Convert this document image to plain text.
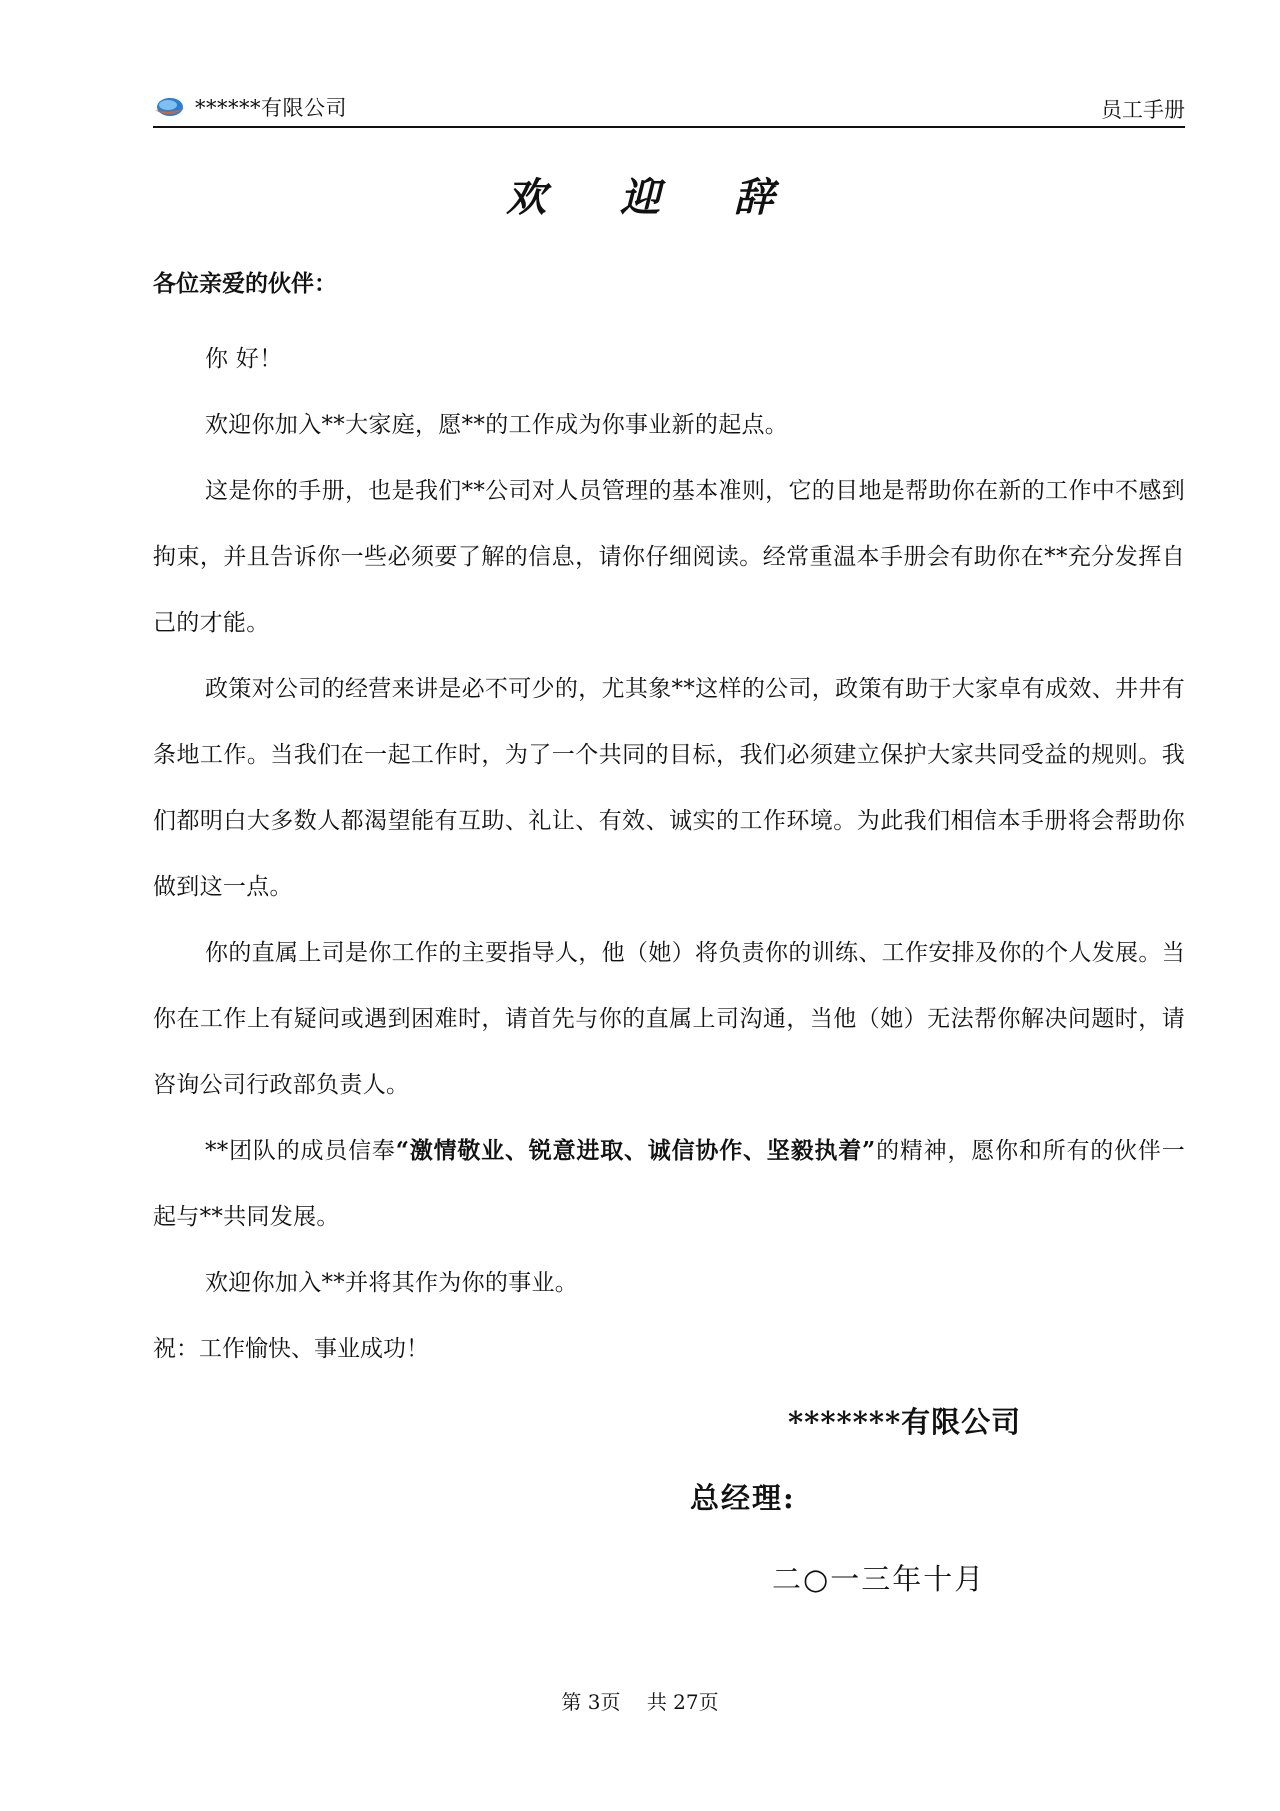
******有限公司	员工手册
欢 迎 辞

各位亲爱的伙伴：

你 好！

欢迎你加入**大家庭，愿**的工作成为你事业新的起点。

这是你的手册，也是我们**公司对人员管理的基本准则，它的目地是帮助你在新的工作中不感到拘束，并且告诉你一些必须要了解的信息，请你仔细阅读。经常重温本手册会有助你在**充分发挥自己的才能。

政策对公司的经营来讲是必不可少的，尤其象**这样的公司，政策有助于大家卓有成效、井井有条地工作。当我们在一起工作时，为了一个共同的目标，我们必须建立保护大家共同受益的规则。我们都明白大多数人都渴望能有互助、礼让、有效、诚实的工作环境。为此我们相信本手册将会帮助你做到这一点。

你的直属上司是你工作的主要指导人，他（她）将负责你的训练、工作安排及你的个人发展。当你在工作上有疑问或遇到困难时，请首先与你的直属上司沟通，当他（她）无法帮你解决问题时，请咨询公司行政部负责人。

**团队的成员信奉“激情敬业、锐意进取、诚信协作、坚毅执着”的精神，愿你和所有的伙伴一起与**共同发展。

欢迎你加入**并将其作为你的事业。

祝：工作愉快、事业成功！

*******有限公司
总经理:
二○一三年十月
第 3页 共 27页
